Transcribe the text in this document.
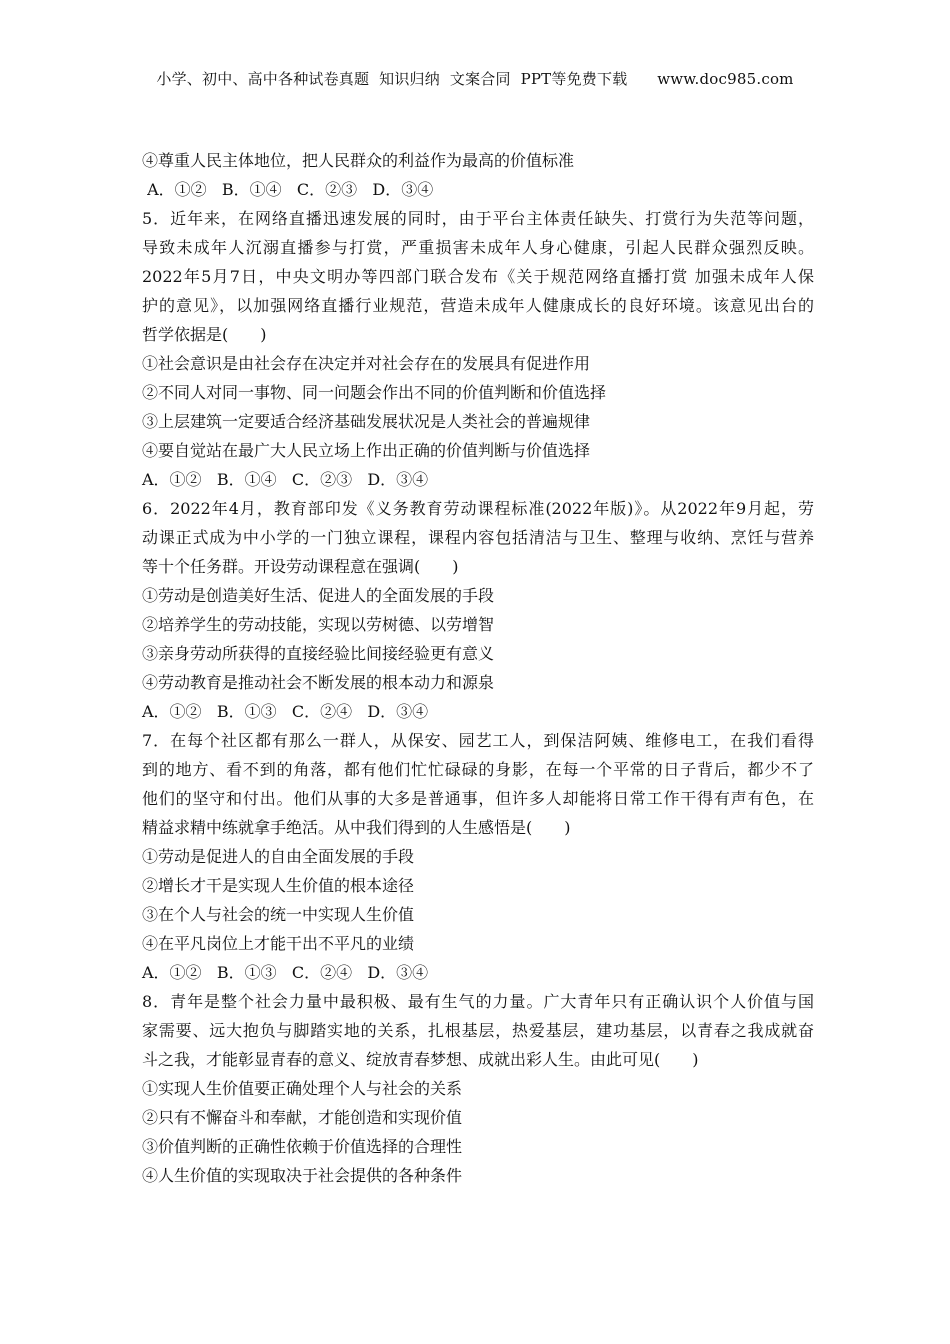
小学、初中、高中各种试卷真题  知识归纳  文案合同  PPT等免费下载      www.doc985.com
④尊重人民主体地位，把人民群众的利益作为最高的价值标准
A．①②   B．①④   C．②③   D．③④
5．近年来，在网络直播迅速发展的同时，由于平台主体责任缺失、打赏行为失范等问题，
导致未成年人沉溺直播参与打赏，严重损害未成年人身心健康，引起人民群众强烈反映。
2022年5月7日，中央文明办等四部门联合发布《关于规范网络直播打赏 加强未成年人保
护的意见》，以加强网络直播行业规范，营造未成年人健康成长的良好环境。该意见出台的
哲学依据是(　　)
①社会意识是由社会存在决定并对社会存在的发展具有促进作用
②不同人对同一事物、同一问题会作出不同的价值判断和价值选择
③上层建筑一定要适合经济基础发展状况是人类社会的普遍规律
④要自觉站在最广大人民立场上作出正确的价值判断与价值选择
A．①②   B．①④   C．②③   D．③④
6．2022年4月，教育部印发《义务教育劳动课程标准(2022年版)》。从2022年9月起，劳
动课正式成为中小学的一门独立课程，课程内容包括清洁与卫生、整理与收纳、烹饪与营养
等十个任务群。开设劳动课程意在强调(　　)
①劳动是创造美好生活、促进人的全面发展的手段
②培养学生的劳动技能，实现以劳树德、以劳增智
③亲身劳动所获得的直接经验比间接经验更有意义
④劳动教育是推动社会不断发展的根本动力和源泉
A．①②   B．①③   C．②④   D．③④
7．在每个社区都有那么一群人，从保安、园艺工人，到保洁阿姨、维修电工，在我们看得
到的地方、看不到的角落，都有他们忙忙碌碌的身影，在每一个平常的日子背后，都少不了
他们的坚守和付出。他们从事的大多是普通事，但许多人却能将日常工作干得有声有色，在
精益求精中练就拿手绝活。从中我们得到的人生感悟是(　　)
①劳动是促进人的自由全面发展的手段
②增长才干是实现人生价值的根本途径
③在个人与社会的统一中实现人生价值
④在平凡岗位上才能干出不平凡的业绩
A．①②   B．①③   C．②④   D．③④
8．青年是整个社会力量中最积极、最有生气的力量。广大青年只有正确认识个人价值与国
家需要、远大抱负与脚踏实地的关系，扎根基层，热爱基层，建功基层，以青春之我成就奋
斗之我，才能彰显青春的意义、绽放青春梦想、成就出彩人生。由此可见(　　)
①实现人生价值要正确处理个人与社会的关系
②只有不懈奋斗和奉献，才能创造和实现价值
③价值判断的正确性依赖于价值选择的合理性
④人生价值的实现取决于社会提供的各种条件
